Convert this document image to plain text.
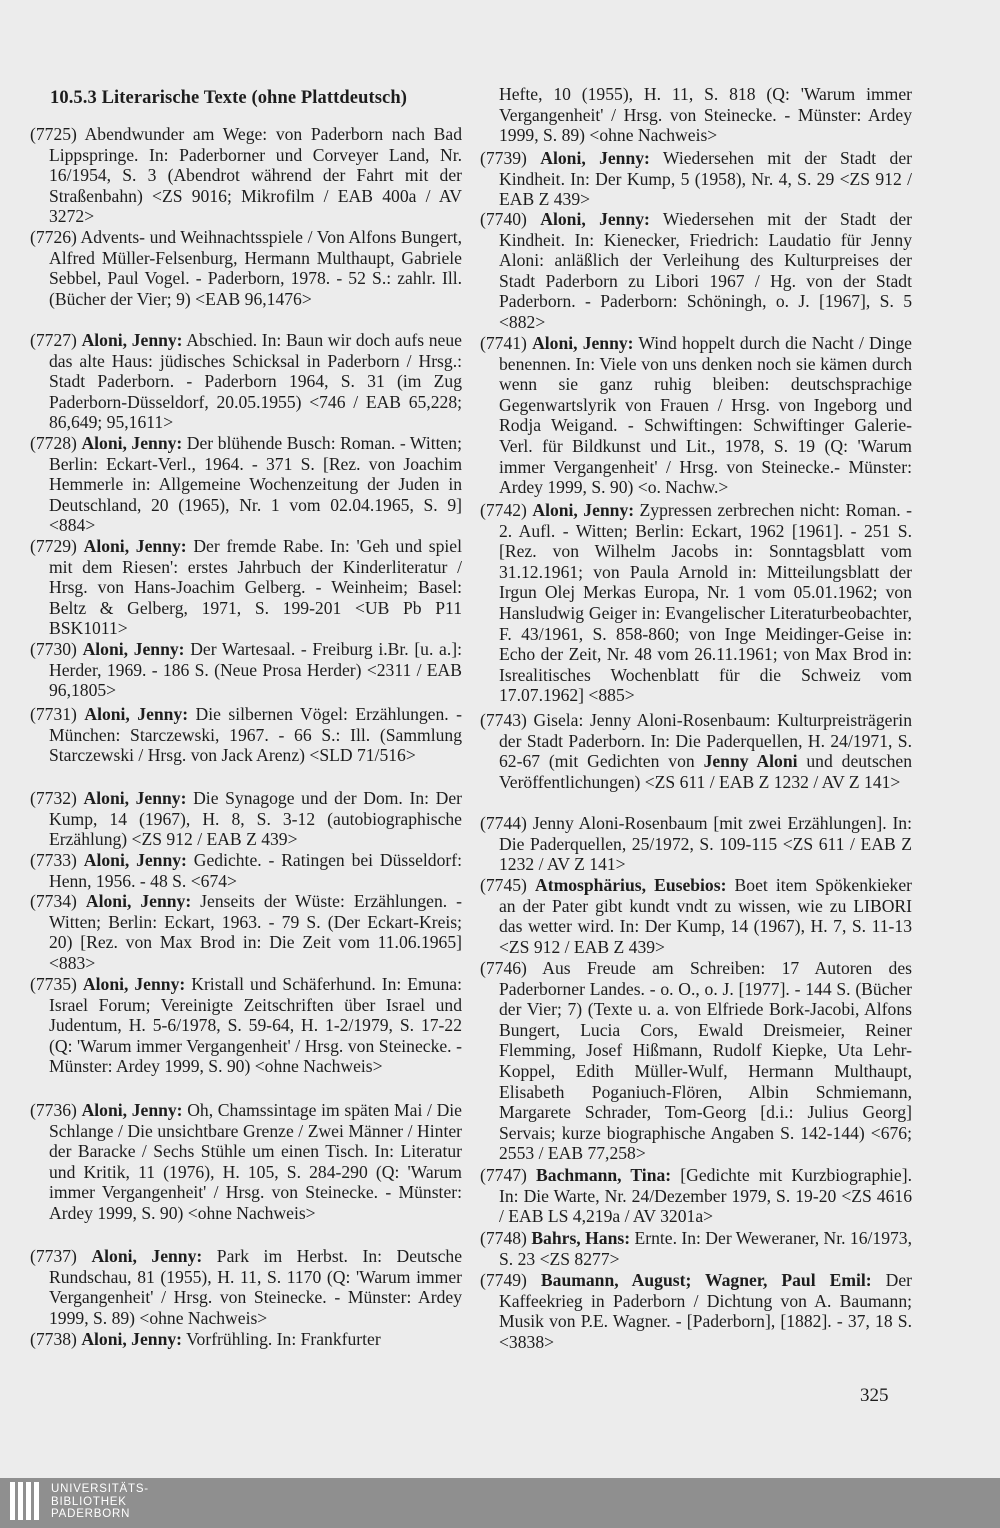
10.5.3 Literarische Texte (ohne Plattdeutsch)
(7725) Abendwunder am Wege: von Paderborn nach Bad Lippspringe. In: Paderborner und Corveyer Land, Nr. 16/1954, S. 3 (Abendrot während der Fahrt mit der Straßenbahn) <ZS 9016; Mikrofilm / EAB 400a / AV 3272>
(7726) Advents- und Weihnachtsspiele / Von Alfons Bungert, Alfred Müller-Felsenburg, Hermann Multhaupt, Gabriele Sebbel, Paul Vogel. - Paderborn, 1978. - 52 S.: zahlr. Ill. (Bücher der Vier; 9) <EAB 96,1476>
(7727) Aloni, Jenny: Abschied. In: Baun wir doch aufs neue das alte Haus: jüdisches Schicksal in Paderborn / Hrsg.: Stadt Paderborn. - Paderborn 1964, S. 31 (im Zug Paderborn-Düsseldorf, 20.05.1955) <746 / EAB 65,228; 86,649; 95,1611>
(7728) Aloni, Jenny: Der blühende Busch: Roman. - Witten; Berlin: Eckart-Verl., 1964. - 371 S. [Rez. von Joachim Hemmerle in: Allgemeine Wochenzeitung der Juden in Deutschland, 20 (1965), Nr. 1 vom 02.04.1965, S. 9] <884>
(7729) Aloni, Jenny: Der fremde Rabe. In: 'Geh und spiel mit dem Riesen': erstes Jahrbuch der Kinderliteratur / Hrsg. von Hans-Joachim Gelberg. - Weinheim; Basel: Beltz & Gelberg, 1971, S. 199-201 <UB Pb P11 BSK1011>
(7730) Aloni, Jenny: Der Wartesaal. - Freiburg i.Br. [u. a.]: Herder, 1969. - 186 S. (Neue Prosa Herder) <2311 / EAB 96,1805>
(7731) Aloni, Jenny: Die silbernen Vögel: Erzählungen. - München: Starczewski, 1967. - 66 S.: Ill. (Sammlung Starczewski / Hrsg. von Jack Arenz) <SLD 71/516>
(7732) Aloni, Jenny: Die Synagoge und der Dom. In: Der Kump, 14 (1967), H. 8, S. 3-12 (autobiographische Erzählung) <ZS 912 / EAB Z 439>
(7733) Aloni, Jenny: Gedichte. - Ratingen bei Düsseldorf: Henn, 1956. - 48 S. <674>
(7734) Aloni, Jenny: Jenseits der Wüste: Erzählungen. - Witten; Berlin: Eckart, 1963. - 79 S. (Der Eckart-Kreis; 20) [Rez. von Max Brod in: Die Zeit vom 11.06.1965] <883>
(7735) Aloni, Jenny: Kristall und Schäferhund. In: Emuna: Israel Forum; Vereinigte Zeitschriften über Israel und Judentum, H. 5-6/1978, S. 59-64, H. 1-2/1979, S. 17-22 (Q: 'Warum immer Vergangenheit' / Hrsg. von Steinecke. - Münster: Ardey 1999, S. 90) <ohne Nachweis>
(7736) Aloni, Jenny: Oh, Chamssintage im späten Mai / Die Schlange / Die unsichtbare Grenze / Zwei Männer / Hinter der Baracke / Sechs Stühle um einen Tisch. In: Literatur und Kritik, 11 (1976), H. 105, S. 284-290 (Q: 'Warum immer Vergangenheit' / Hrsg. von Steinecke. - Münster: Ardey 1999, S. 90) <ohne Nachweis>
(7737) Aloni, Jenny: Park im Herbst. In: Deutsche Rundschau, 81 (1955), H. 11, S. 1170 (Q: 'Warum immer Vergangenheit' / Hrsg. von Steinecke. - Münster: Ardey 1999, S. 89) <ohne Nachweis>
(7738) Aloni, Jenny: Vorfrühling. In: Frankfurter
Hefte, 10 (1955), H. 11, S. 818 (Q: 'Warum immer Vergangenheit' / Hrsg. von Steinecke. - Münster: Ardey 1999, S. 89) <ohne Nachweis>
(7739) Aloni, Jenny: Wiedersehen mit der Stadt der Kindheit. In: Der Kump, 5 (1958), Nr. 4, S. 29 <ZS 912 / EAB Z 439>
(7740) Aloni, Jenny: Wiedersehen mit der Stadt der Kindheit. In: Kienecker, Friedrich: Laudatio für Jenny Aloni: anläßlich der Verleihung des Kulturpreises der Stadt Paderborn zu Libori 1967 / Hg. von der Stadt Paderborn. - Paderborn: Schöningh, o. J. [1967], S. 5 <882>
(7741) Aloni, Jenny: Wind hoppelt durch die Nacht / Dinge benennen. In: Viele von uns denken noch sie kämen durch wenn sie ganz ruhig bleiben: deutschsprachige Gegenwartslyrik von Frauen / Hrsg. von Ingeborg und Rodja Weigand. - Schwiftingen: Schwiftinger Galerie-Verl. für Bildkunst und Lit., 1978, S. 19 (Q: 'Warum immer Vergangenheit' / Hrsg. von Steinecke.- Münster: Ardey 1999, S. 90) <o. Nachw.>
(7742) Aloni, Jenny: Zypressen zerbrechen nicht: Roman. - 2. Aufl. - Witten; Berlin: Eckart, 1962 [1961]. - 251 S. [Rez. von Wilhelm Jacobs in: Sonntagsblatt vom 31.12.1961; von Paula Arnold in: Mitteilungsblatt der Irgun Olej Merkas Europa, Nr. 1 vom 05.01.1962; von Hansludwig Geiger in: Evangelischer Literaturbeobachter, F. 43/1961, S. 858-860; von Inge Meidinger-Geise in: Echo der Zeit, Nr. 48 vom 26.11.1961; von Max Brod in: Isrealitisches Wochenblatt für die Schweiz vom 17.07.1962] <885>
(7743) Gisela: Jenny Aloni-Rosenbaum: Kulturpreisträgerin der Stadt Paderborn. In: Die Paderquellen, H. 24/1971, S. 62-67 (mit Gedichten von Jenny Aloni und deutschen Veröffentlichungen) <ZS 611 / EAB Z 1232 / AV Z 141>
(7744) Jenny Aloni-Rosenbaum [mit zwei Erzählungen]. In: Die Paderquellen, 25/1972, S. 109-115 <ZS 611 / EAB Z 1232 / AV Z 141>
(7745) Atmosphärius, Eusebios: Boet item Spökenkieker an der Pater gibt kundt vndt zu wissen, wie zu LIBORI das wetter wird. In: Der Kump, 14 (1967), H. 7, S. 11-13 <ZS 912 / EAB Z 439>
(7746) Aus Freude am Schreiben: 17 Autoren des Paderborner Landes. - o. O., o. J. [1977]. - 144 S. (Bücher der Vier; 7) (Texte u. a. von Elfriede Bork-Jacobi, Alfons Bungert, Lucia Cors, Ewald Dreismeier, Reiner Flemming, Josef Hißmann, Rudolf Kiepke, Uta Lehr-Koppel, Edith Müller-Wulf, Hermann Multhaupt, Elisabeth Poganiuch-Flören, Albin Schmiemann, Margarete Schrader, Tom-Georg [d.i.: Julius Georg] Servais; kurze biographische Angaben S. 142-144) <676; 2553 / EAB 77,258>
(7747) Bachmann, Tina: [Gedichte mit Kurzbiographie]. In: Die Warte, Nr. 24/Dezember 1979, S. 19-20 <ZS 4616 / EAB LS 4,219a / AV 3201a>
(7748) Bahrs, Hans: Ernte. In: Der Weweraner, Nr. 16/1973, S. 23 <ZS 8277>
(7749) Baumann, August; Wagner, Paul Emil: Der Kaffeekrieg in Paderborn / Dichtung von A. Baumann; Musik von P.E. Wagner. - [Paderborn], [1882]. - 37, 18 S. <3838>
325
UNIVERSITÄTS-
BIBLIOTHEK
PADERBORN
